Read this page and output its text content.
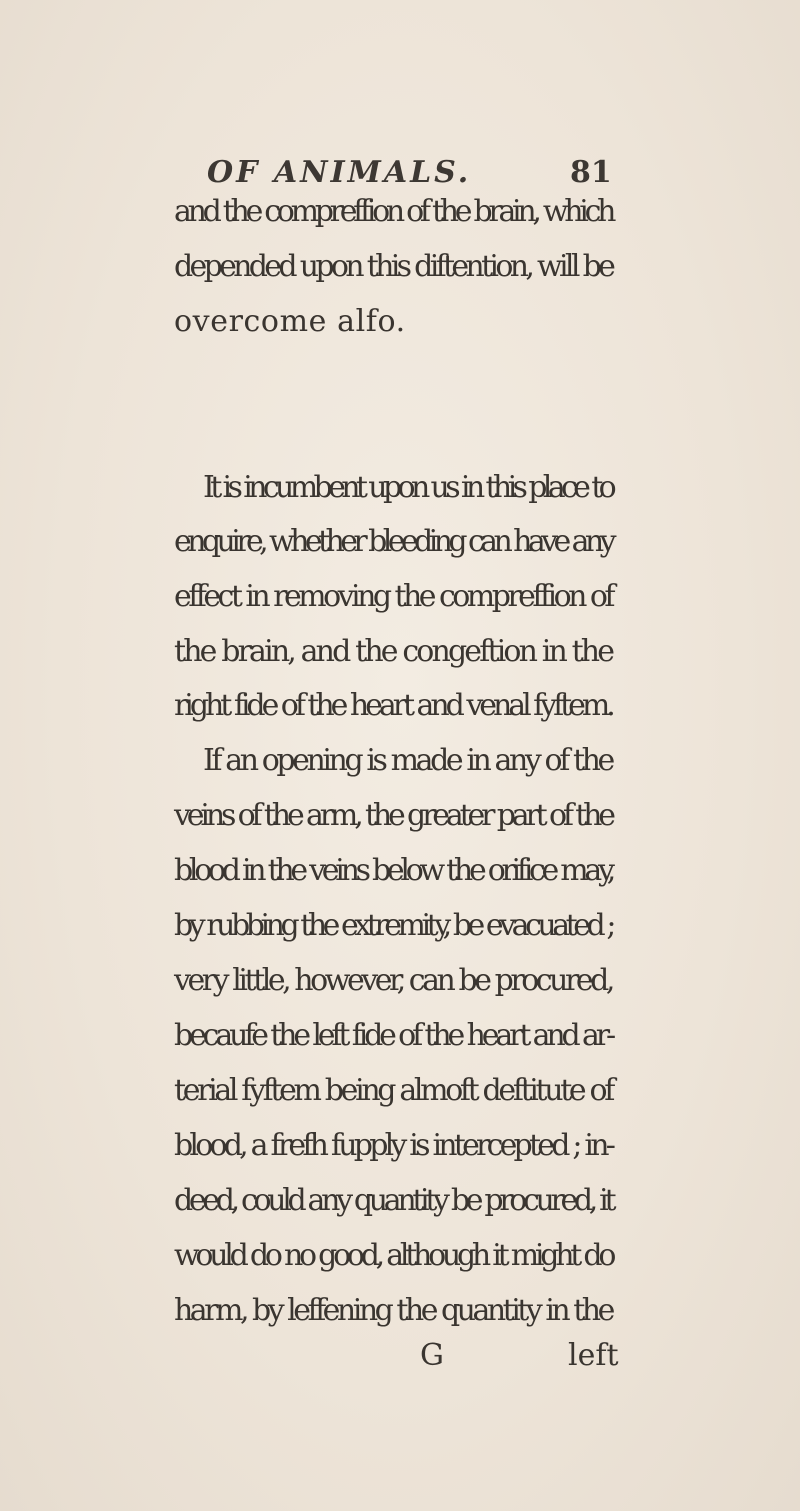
OF ANIMALS.	81
and the compreffion of the brain, which
depended upon this diftention, will be
overcome alfo.
It is incumbent upon us in this place to
enquire, whether bleeding can have any
effect in removing the compreffion of
the brain, and the congeftion in the
right fide of the heart and venal fyftem.
If an opening is made in any of the
veins of the arm, the greater part of the
blood in the veins below the orifice may,
by rubbing the extremity, be evacuated ;
very little, however, can be procured,
becaufe the left fide of the heart and ar-
terial fyftem being almoft deftitute of
blood, a frefh fupply is intercepted ; in-
deed, could any quantity be procured, it
would do no good, although it might do
harm, by leffening the quantity in the
G	left
